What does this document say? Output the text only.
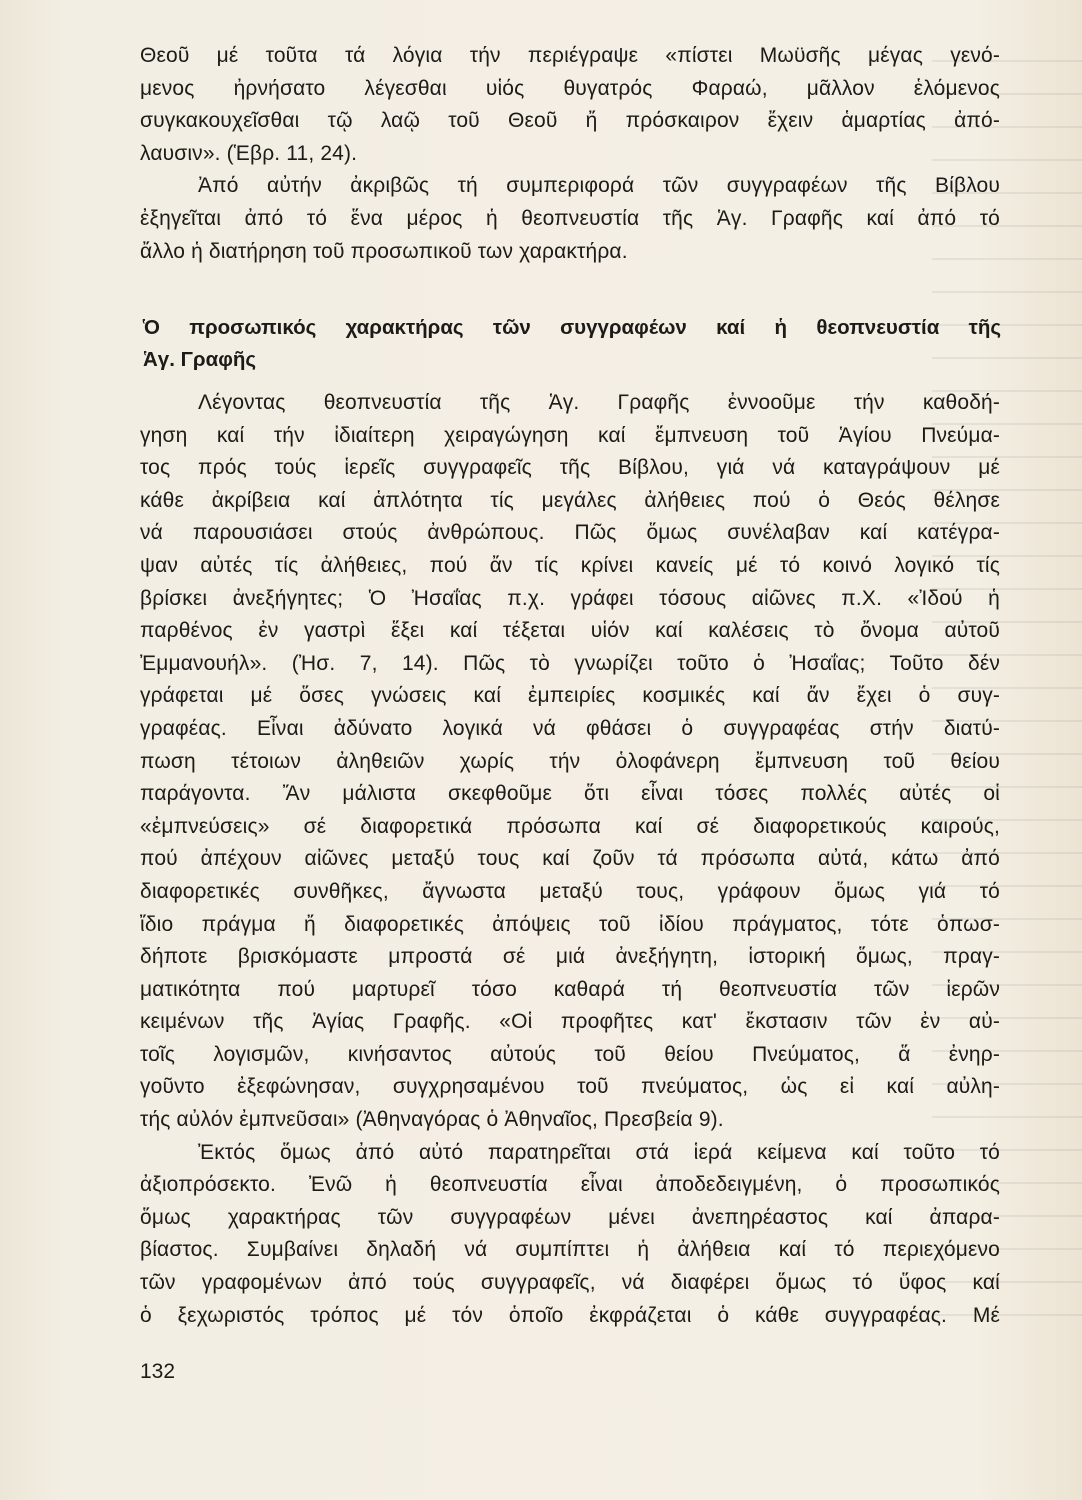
Θεοῦ μέ τοῦτα τά λόγια τήν περιέγραψε «πίστει Μωϋσῆς μέγας γενό-
μενος ἠρνήσατο λέγεσθαι υἱός θυγατρός Φαραώ, μᾶλλον ἑλόμενος
συγκακουχεῖσθαι τῷ λαῷ τοῦ Θεοῦ ἤ πρόσκαιρον ἔχειν ἁμαρτίας ἀπό-
λαυσιν». (Ἑβρ. 11, 24).
Ἀπό αὐτήν ἀκριβῶς τή συμπεριφορά τῶν συγγραφέων τῆς Βίβλου
ἐξηγεῖται ἀπό τό ἕνα μέρος ἡ θεοπνευστία τῆς Ἁγ. Γραφῆς καί ἀπό τό
ἄλλο ἡ διατήρηση τοῦ προσωπικοῦ των χαρακτήρα.
Ὁ προσωπικός χαρακτήρας τῶν συγγραφέων καί ἡ θεοπνευστία τῆς
Ἁγ. Γραφῆς
Λέγοντας θεοπνευστία τῆς Ἁγ. Γραφῆς ἐννοοῦμε τήν καθοδή-
γηση καί τήν ἰδιαίτερη χειραγώγηση καί ἔμπνευση τοῦ Ἁγίου Πνεύμα-
τος πρός τούς ἱερεῖς συγγραφεῖς τῆς Βίβλου, γιά νά καταγράψουν μέ
κάθε ἀκρίβεια καί ἁπλότητα τίς μεγάλες ἀλήθειες πού ὁ Θεός θέλησε
νά παρουσιάσει στούς ἀνθρώπους. Πῶς ὅμως συνέλαβαν καί κατέγρα-
ψαν αὐτές τίς ἀλήθειες, πού ἄν τίς κρίνει κανείς μέ τό κοινό λογικό τίς
βρίσκει ἀνεξήγητες; Ὁ Ἠσαΐας π.χ. γράφει τόσους αἰῶνες π.Χ. «Ἰδού ἡ
παρθένος ἐν γαστρὶ ἕξει καί τέξεται υἱόν καί καλέσεις τὸ ὄνομα αὐτοῦ
Ἐμμανουήλ». (Ἠσ. 7, 14). Πῶς τὸ γνωρίζει τοῦτο ὁ Ἠσαΐας; Τοῦτο δέν
γράφεται μέ ὅσες γνώσεις καί ἐμπειρίες κοσμικές καί ἄν ἔχει ὁ συγ-
γραφέας. Εἶναι ἀδύνατο λογικά νά φθάσει ὁ συγγραφέας στήν διατύ-
πωση τέτοιων ἀληθειῶν χωρίς τήν ὁλοφάνερη ἔμπνευση τοῦ θείου
παράγοντα. Ἄν μάλιστα σκεφθοῦμε ὅτι εἶναι τόσες πολλές αὐτές οἱ
«ἐμπνεύσεις» σέ διαφορετικά πρόσωπα καί σέ διαφορετικούς καιρούς,
πού ἀπέχουν αἰῶνες μεταξύ τους καί ζοῦν τά πρόσωπα αὐτά, κάτω ἀπό
διαφορετικές συνθῆκες, ἄγνωστα μεταξύ τους, γράφουν ὅμως γιά τό
ἴδιο πράγμα ἤ διαφορετικές ἀπόψεις τοῦ ἰδίου πράγματος, τότε ὁπωσ-
δήποτε βρισκόμαστε μπροστά σέ μιά ἀνεξήγητη, ἱστορική ὅμως, πραγ-
ματικότητα πού μαρτυρεῖ τόσο καθαρά τή θεοπνευστία τῶν ἱερῶν
κειμένων τῆς Ἁγίας Γραφῆς. «Οἱ προφῆτες κατ' ἔκστασιν τῶν ἐν αὐ-
τοῖς λογισμῶν, κινήσαντος αὐτούς τοῦ θείου Πνεύματος, ἅ ἐνηρ-
γοῦντο ἐξεφώνησαν, συγχρησαμένου τοῦ πνεύματος, ὡς εἰ καί αὐλη-
τής αὐλόν ἐμπνεῦσαι» (Ἀθηναγόρας ὁ Ἀθηναῖος, Πρεσβεία 9).
Ἐκτός ὅμως ἀπό αὐτό παρατηρεῖται στά ἱερά κείμενα καί τοῦτο τό
ἀξιοπρόσεκτο. Ἐνῶ ἡ θεοπνευστία εἶναι ἀποδεδειγμένη, ὁ προσωπικός
ὅμως χαρακτήρας τῶν συγγραφέων μένει ἀνεπηρέαστος καί ἀπαρα-
βίαστος. Συμβαίνει δηλαδή νά συμπίπτει ἡ ἀλήθεια καί τό περιεχόμενο
τῶν γραφομένων ἀπό τούς συγγραφεῖς, νά διαφέρει ὅμως τό ὕφος καί
ὁ ξεχωριστός τρόπος μέ τόν ὁποῖο ἐκφράζεται ὁ κάθε συγγραφέας. Μέ
132
